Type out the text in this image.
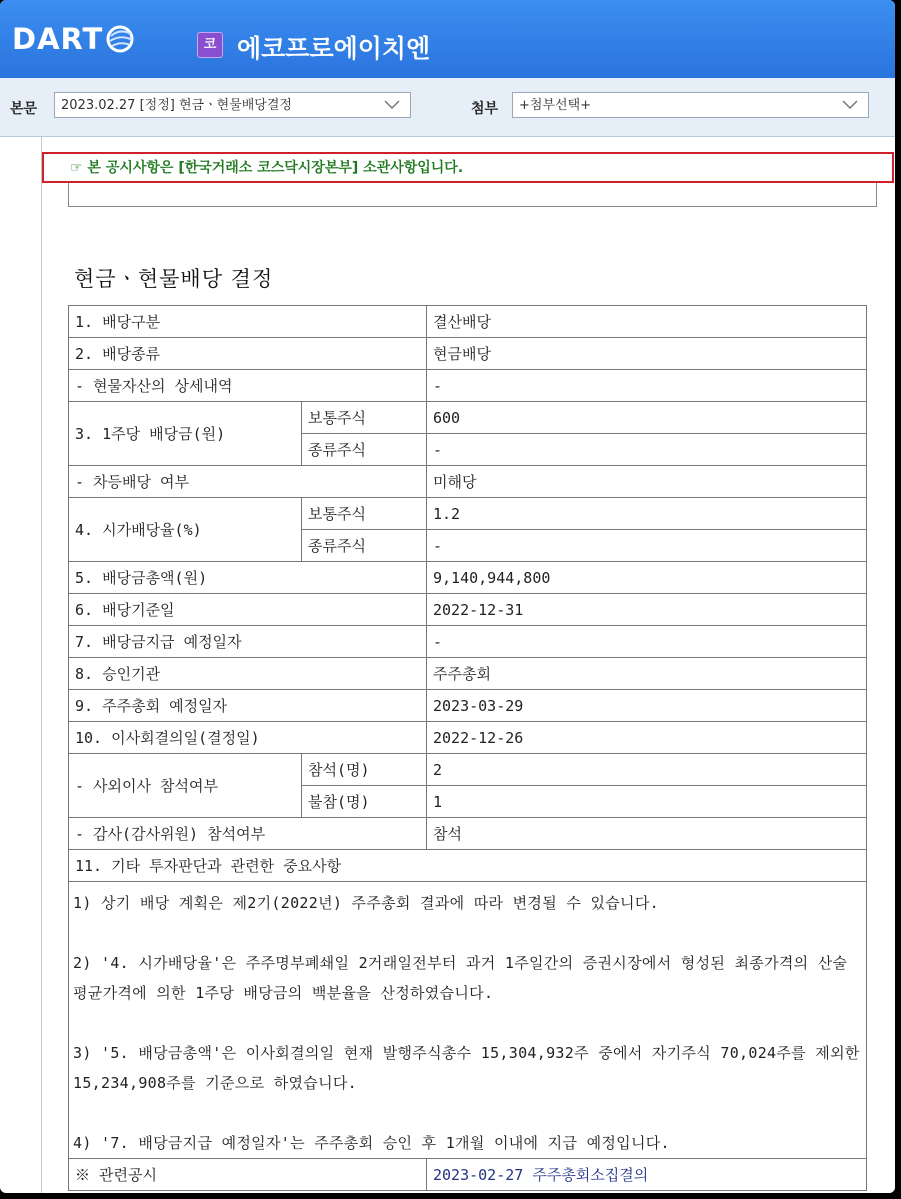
DART	코 에코프로에이치엔
본문	2023.02.27 [정정] 현금ㆍ현물배당결정	첨부	+첨부선택+
☞ 본 공시사항은 [한국거래소 코스닥시장본부] 소관사항입니다.
현금ㆍ현물배당 결정
1. 배당구분		결산배당
2. 배당종류		현금배당
- 현물자산의 상세내역		-
3. 1주당 배당금(원)	보통주식	600
	종류주식	-
- 차등배당 여부		미해당
4. 시가배당율(%)	보통주식	1.2
	종류주식	-
5. 배당금총액(원)		9,140,944,800
6. 배당기준일		2022-12-31
7. 배당금지급 예정일자		-
8. 승인기관		주주총회
9. 주주총회 예정일자		2023-03-29
10. 이사회결의일(결정일)		2022-12-26
- 사외이사 참석여부	참석(명)	2
	불참(명)	1
- 감사(감사위원) 참석여부		참석
11. 기타 투자판단과 관련한 중요사항		

1) 상기 배당 계획은 제2기(2022년) 주주총회 결과에 따라 변경될 수 있습니다.

2) '4. 시가배당율'은 주주명부폐쇄일 2거래일전부터 과거 1주일간의 증권시장에서 형성된 최종가격의 산술평균가격에 의한 1주당 배당금의 백분율을 산정하였습니다.

3) '5. 배당금총액'은 이사회결의일 현재 발행주식총수 15,304,932주 중에서 자기주식 70,024주를 제외한 15,234,908주를 기준으로 하였습니다.

4) '7. 배당금지급 예정일자'는 주주총회 승인 후 1개월 이내에 지급 예정입니다.		

※ 관련공시		2023-02-27 주주총회소집결의
